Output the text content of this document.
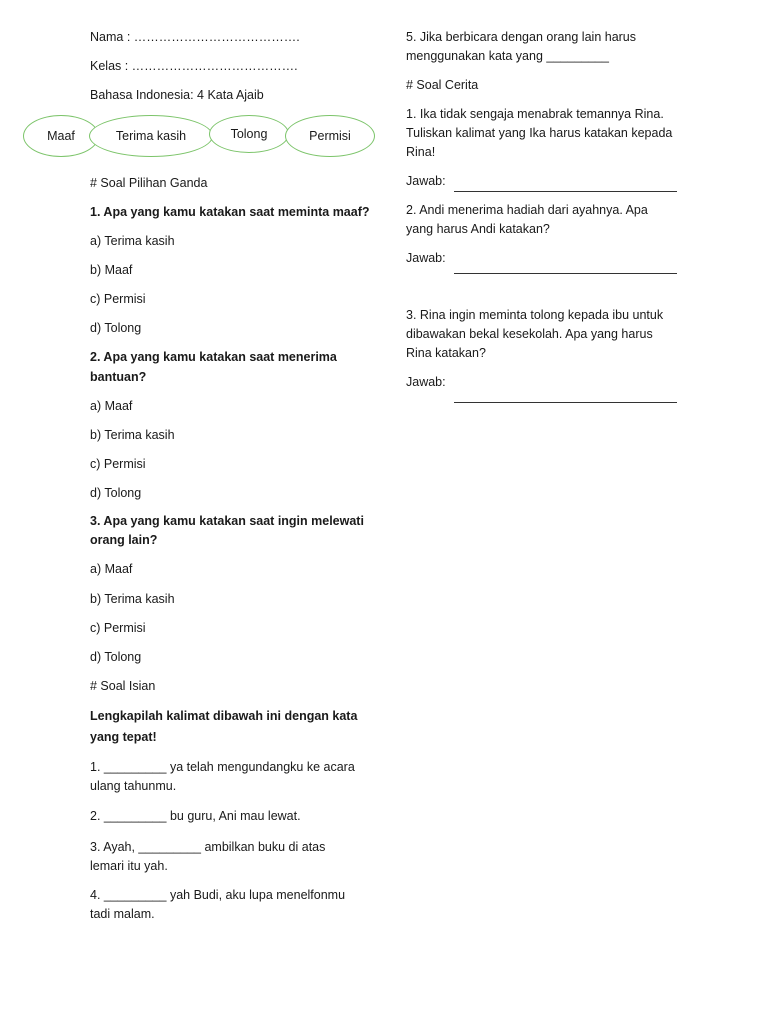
Nama : ………………………………….
Kelas : ………………………………….
Bahasa Indonesia: 4 Kata Ajaib
Maaf	Terima kasih	Tolong	Permisi
# Soal Pilihan Ganda
1. Apa yang kamu katakan saat meminta maaf?
a) Terima kasih
b) Maaf
c) Permisi
d) Tolong
2. Apa yang kamu katakan saat menerima
bantuan?
a) Maaf
b) Terima kasih
c) Permisi
d) Tolong
3. Apa yang kamu katakan saat ingin melewati
orang lain?
a) Maaf
b) Terima kasih
c) Permisi
d) Tolong
# Soal Isian
Lengkapilah kalimat dibawah ini dengan kata
yang tepat!
1. _________ ya telah mengundangku ke acara
ulang tahunmu.
2. _________ bu guru, Ani mau lewat.
3. Ayah, _________ ambilkan buku di atas
lemari itu yah.
4. _________ yah Budi, aku lupa menelfonmu
tadi malam.
5. Jika berbicara dengan orang lain harus
menggunakan kata yang _________
# Soal Cerita
1. Ika tidak sengaja menabrak temannya Rina.
Tuliskan kalimat yang Ika harus katakan kepada
Rina!
Jawab:
2. Andi menerima hadiah dari ayahnya. Apa
yang harus Andi katakan?
Jawab:
3. Rina ingin meminta tolong kepada ibu untuk
dibawakan bekal kesekolah. Apa yang harus
Rina katakan?
Jawab:
